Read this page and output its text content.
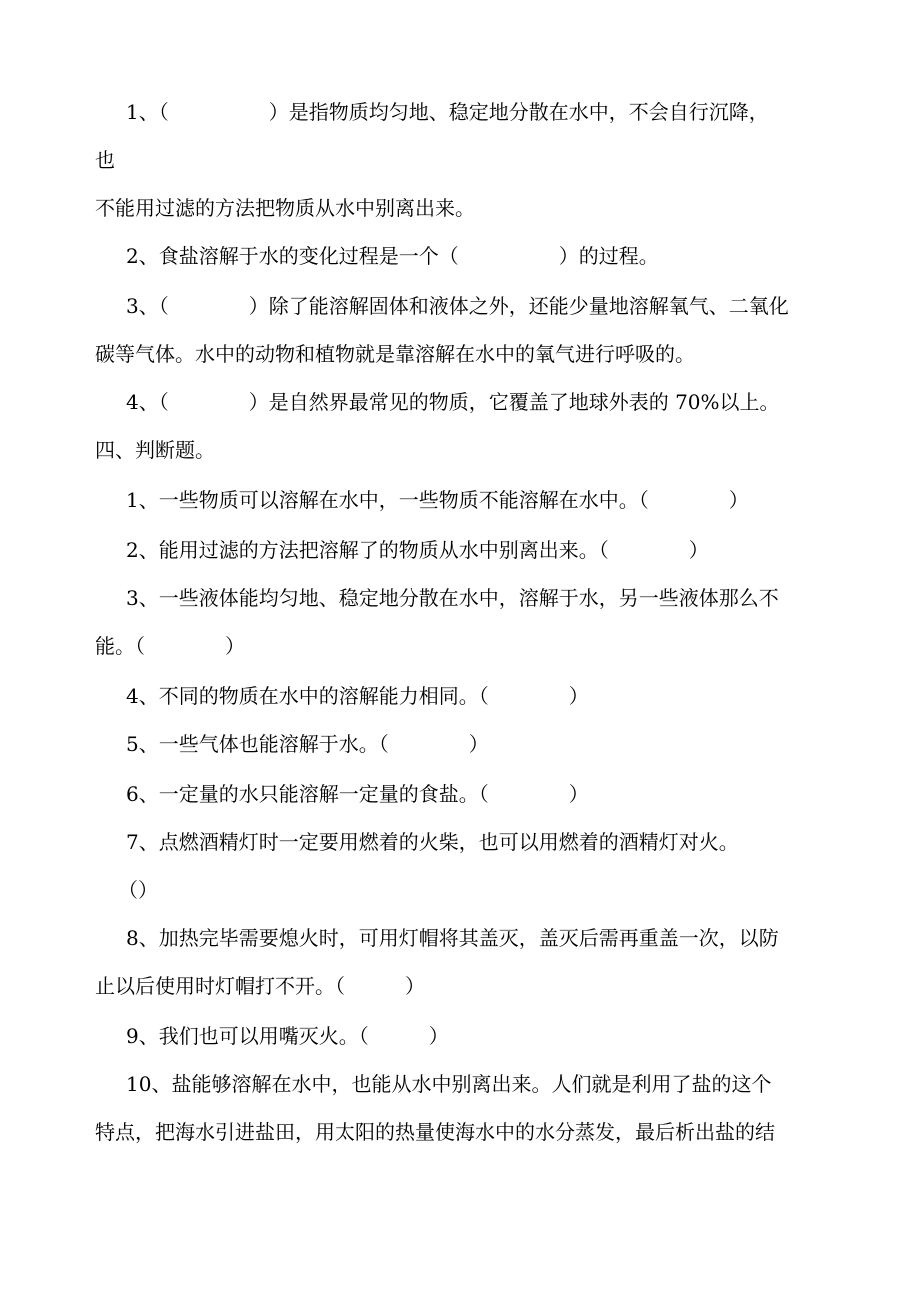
1、（　　　　　）是指物质均匀地、稳定地分散在水中，不会自行沉降，
也
不能用过滤的方法把物质从水中别离出来。
2、食盐溶解于水的变化过程是一个（　　　　　）的过程。
3、（　　　　）除了能溶解固体和液体之外，还能少量地溶解氧气、二氧化
碳等气体。水中的动物和植物就是靠溶解在水中的氧气进行呼吸的。
4、（　　　　）是自然界最常见的物质，它覆盖了地球外表的 70%以上。
四、判断题。
1、一些物质可以溶解在水中，一些物质不能溶解在水中。（　　　　）
2、能用过滤的方法把溶解了的物质从水中别离出来。（　　　　）
3、一些液体能均匀地、稳定地分散在水中，溶解于水，另一些液体那么不
能。（　　　　）
4、不同的物质在水中的溶解能力相同。（　　　　）
5、一些气体也能溶解于水。（　　　　）
6、一定量的水只能溶解一定量的食盐。（　　　　）
7、点燃酒精灯时一定要用燃着的火柴，也可以用燃着的酒精灯对火。
（）
8、加热完毕需要熄火时，可用灯帽将其盖灭，盖灭后需再重盖一次，以防
止以后使用时灯帽打不开。（　　　）
9、我们也可以用嘴灭火。（　　　）
10、盐能够溶解在水中，也能从水中别离出来。人们就是利用了盐的这个
特点，把海水引进盐田，用太阳的热量使海水中的水分蒸发，最后析出盐的结
